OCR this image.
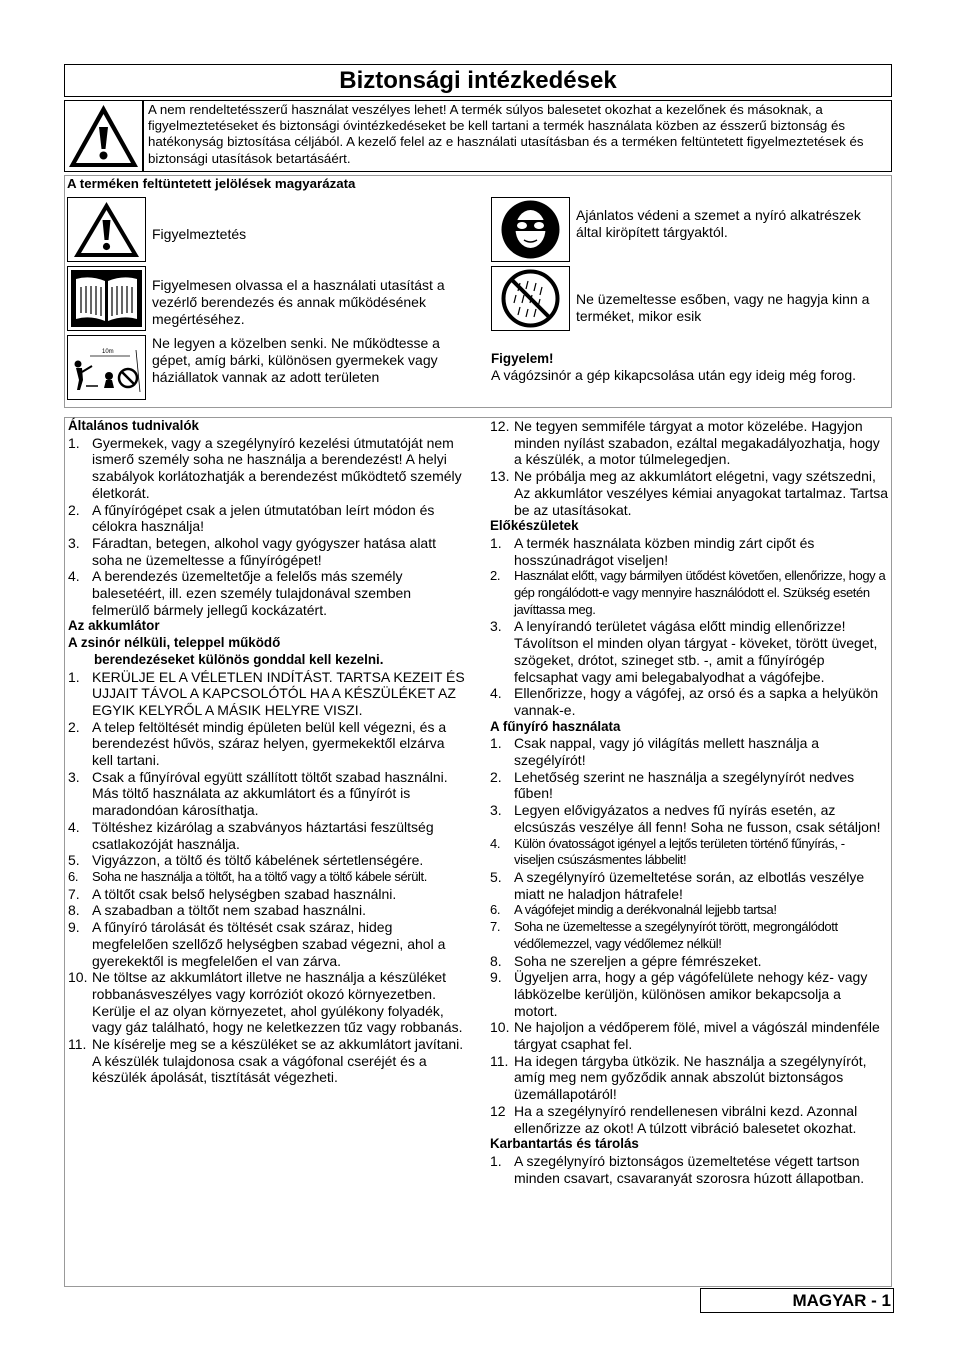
Biztonsági intézkedések
A nem rendeltetésszerű használat veszélyes lehet! A termék súlyos balesetet okozhat a kezelőnek és másoknak, a figyelmeztetéseket és biztonsági óvintézkedéseket be kell tartani a termék használata közben az ésszerű biztonság és hatékonyság biztosítása céljából. A kezelő felel az e használati utasításban és a terméken feltüntetett figyelmeztetések és biztonsági utasítások betartásáért.
A terméken feltüntetett jelölések magyarázata
Figyelmeztetés
Figyelmesen olvassa el a használati utasítást a vezérlő berendezés és annak működésének megértéséhez.
10m
Ne legyen a közelben senki. Ne működtesse a gépet, amíg bárki, különösen gyermekek vagy háziállatok vannak az adott területen
Ajánlatos védeni a szemet a nyíró alkatrészek által kiröpített tárgyaktól.
Ne üzemeltesse esőben, vagy ne hagyja kinn a terméket, mikor esik
Figyelem!
A vágózsinór a gép kikapcsolása után egy ideig még forog.
Általános tudnivalók
1. Gyermekek, vagy a szegélynyíró kezelési útmutatóját nem ismerő személy soha ne használja a berendezést! A helyi szabályok korlátozhatják a berendezést működtető személy életkorát.
2. A fűnyírógépet csak a jelen útmutatóban leírt módon és célokra használja!
3. Fáradtan, betegen, alkohol vagy gyógyszer hatása alatt soha ne üzemeltesse a fűnyírógépet!
4. A berendezés üzemeltetője a felelős más személy balesetéért, ill. ezen személy tulajdonával szemben felmerülő bármely jellegű kockázatért.
Az akkumlátor
A zsinór nélküli, teleppel működő
berendezéseket különös gonddal kell kezelni.
1. KERÜLJE EL A VÉLETLEN INDÍTÁST. TARTSA KEZEIT ÉS UJJAIT TÁVOL A KAPCSOLÓTÓL HA A KÉSZÜLÉKET AZ EGYIK KELYRŐL A MÁSIK HELYRE VISZI.
2. A telep feltöltését mindig épületen belül kell végezni, és a berendezést hűvös, száraz helyen, gyermekektől elzárva kell tartani.
3. Csak a fűnyíróval együtt szállított töltőt szabad használni. Más töltő használata az akkumlátort és a fűnyírót is maradondóan károsíthatja.
4. Töltéshez kizárólag a szabványos háztartási feszültség csatlakozóját használja.
5. Vigyázzon, a töltő és töltő kábelének sértetlenségére.
6.	Soha ne használja a töltőt, ha a töltő vagy a töltő kábele sérült.
7. A töltőt csak belső helységben szabad használni.
8. A szabadban a töltőt nem szabad használni.
9. A fűnyíró tárolását és töltését csak száraz, hideg megfelelően szellőző helységben szabad végezni, ahol a gyerekektől is megfelelően el van zárva.
10. Ne töltse az akkumlátort illetve ne használja a készüléket robbanásveszélyes vagy korróziót okozó környezetben. Kerülje el az olyan környezetet, ahol gyúlékony folyadék, vagy gáz található, hogy ne keletkezzen tűz vagy robbanás.
11. Ne kísérelje meg se a készüléket se az akkumlátort javítani. A készülék tulajdonosa csak a vágófonal cseréjét és a készülék ápolását, tisztítását végezheti.
12. Ne tegyen semmiféle tárgyat a motor közelébe. Hagyjon minden nyílást szabadon, ezáltal megakadályozhatja, hogy a készülék, a motor túlmelegedjen.
13. Ne próbálja meg az akkumlátort elégetni, vagy szétszedni, Az akkumlátor veszélyes kémiai anyagokat tartalmaz. Tartsa be az utasításokat.
Előkészületek
1. A termék használata közben mindig zárt cipőt és hosszúnadrágot viseljen!
2.	Használat előtt, vagy bármilyen ütődést követően, ellenőrizze, hogy a gép rongálódott-e vagy mennyire használódott el. Szükség esetén javíttassa meg.
3. A lenyírandó területet vágása előtt mindig ellenőrizze! Távolítson el minden olyan tárgyat - köveket, törött üveget, szögeket, drótot, szineget stb. -, amit a fűnyírógép felcsaphat vagy ami belegabalyodhat a vágófejbe.
4. Ellenőrizze, hogy a vágófej, az orsó és a sapka a helyükön vannak-e.
A fűnyíró használata
1. Csak nappal, vagy jó világítás mellett használja a szegélyírót!
2. Lehetőség szerint ne használja a szegélynyírót nedves fűben!
3. Legyen elővigyázatos a nedves fű nyírás esetén, az elcsúszás veszélye áll fenn! Soha ne fusson, csak sétáljon!
4.	Külön óvatosságot igényel a lejtős területen történő fűnyírás, - viseljen csúszásmentes lábbelit!
5. A szegélynyíró üzemeltetése során, az elbotlás veszélye miatt ne haladjon hátrafele!
6.	A vágófejet mindig a derékvonalnál lejjebb tartsa!
7.	Soha ne üzemeltesse a szegélynyírót törött, megrongálódott védőlemezzel, vagy védőlemez nélkül!
8. Soha ne szereljen a gépre fémrészeket.
9. Ügyeljen arra, hogy a gép vágófelülete nehogy kéz- vagy lábközelbe kerüljön, különösen amikor bekapcsolja a motort.
10. Ne hajoljon a védőperem fölé, mivel a vágószál mindenféle tárgyat csaphat fel.
11. Ha idegen tárgyba ütközik. Ne használja a szegélynyírót, amíg meg nem győződik annak abszolút biztonságos üzemállapotáról!
12 Ha a szegélynyíró rendellenesen vibrálni kezd. Azonnal ellenőrizze az okot! A túlzott vibráció balesetet okozhat.
Karbantartás és tárolás
1. A szegélynyíró biztonságos üzemeltetése végett tartson minden csavart, csavaranyát szorosra húzott állapotban.
MAGYAR - 1
